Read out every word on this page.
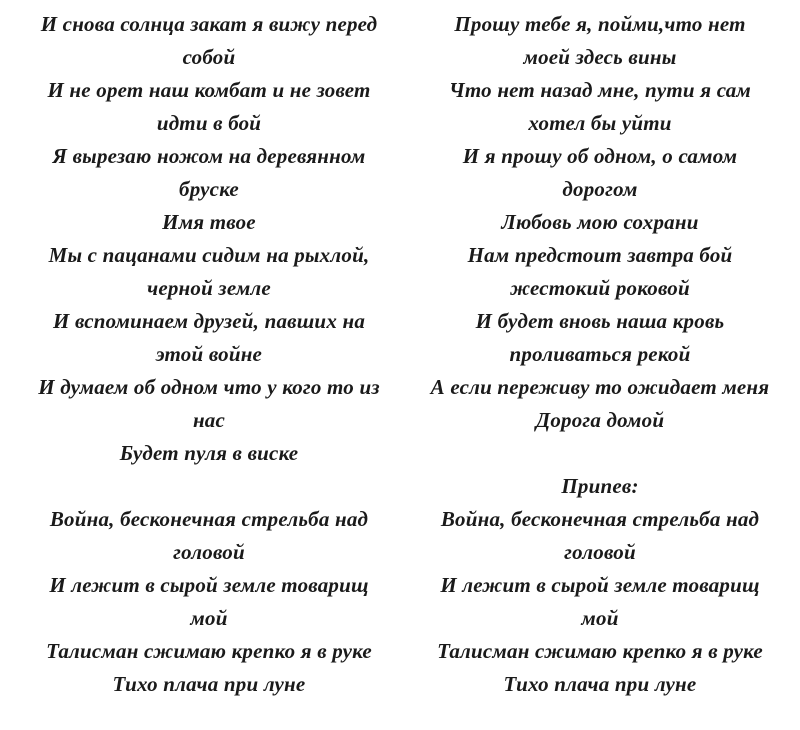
И снова солнца закат я вижу перед
собой
И не орет наш комбат и не зовет
идти в бой
Я вырезаю ножом на деревянном
бруске
Имя твое
Мы с пацанами сидим на рыхлой,
черной земле
И вспоминаем друзей, павших на
этой войне
И думаем об одном что у кого то из
нас
Будет пуля в виске
Война, бесконечная стрельба над
головой
И лежит в сырой земле товарищ
мой
Талисман сжимаю крепко я в руке
Тихо плача при луне
Прошу тебе я, пойми,что нет
моей здесь вины
Что нет назад мне, пути я сам
хотел бы уйти
И я прошу об одном, о самом
дорогом
Любовь мою сохрани
Нам предстоит завтра бой
жестокий роковой
И будет вновь наша кровь
проливаться рекой
А если переживу то ожидает меня
Дорога домой
Припев:
Война, бесконечная стрельба над
головой
И лежит в сырой земле товарищ
мой
Талисман сжимаю крепко я в руке
Тихо плача при луне
